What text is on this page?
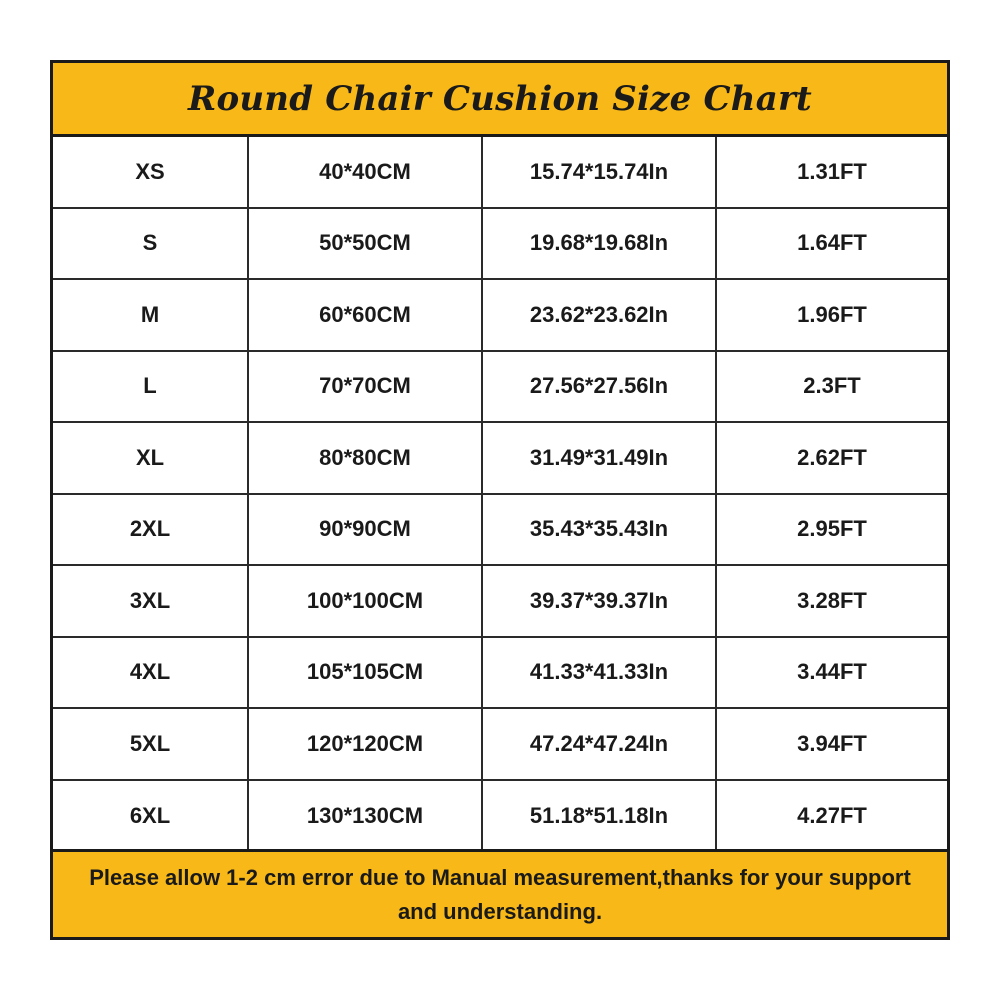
Round Chair Cushion Size Chart
XS	40*40CM	15.74*15.74In	1.31FT
S	50*50CM	19.68*19.68In	1.64FT
M	60*60CM	23.62*23.62In	1.96FT
L	70*70CM	27.56*27.56In	2.3FT
XL	80*80CM	31.49*31.49In	2.62FT
2XL	90*90CM	35.43*35.43In	2.95FT
3XL	100*100CM	39.37*39.37In	3.28FT
4XL	105*105CM	41.33*41.33In	3.44FT
5XL	120*120CM	47.24*47.24In	3.94FT
6XL	130*130CM	51.18*51.18In	4.27FT
Please allow 1-2 cm error due to Manual measurement,thanks for your support and understanding.
